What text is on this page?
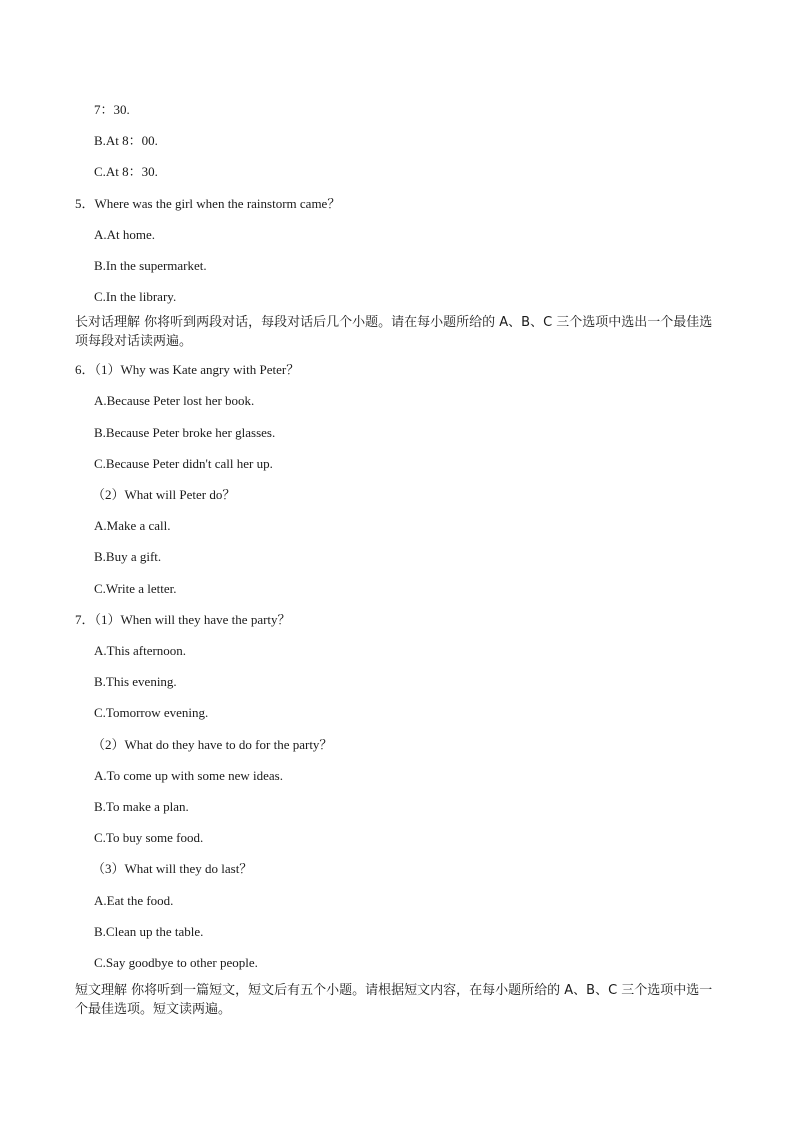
7：30.
B.At 8：00.
C.At 8：30.
5．Where was the girl when the rainstorm came？
A.At home.
B.In the supermarket.
C.In the library.
长对话理解 你将听到两段对话，每段对话后几个小题。请在每小题所给的 A、B、C 三个选项中选出一个最佳选项每段对话读两遍。
6．（1）Why was Kate angry with Peter？
A.Because Peter lost her book.
B.Because Peter broke her glasses.
C.Because Peter didn't call her up.
（2）What will Peter do？
A.Make a call.
B.Buy a gift.
C.Write a letter.
7．（1）When will they have the party？
A.This afternoon.
B.This evening.
C.Tomorrow evening.
（2）What do they have to do for the party？
A.To come up with some new ideas.
B.To make a plan.
C.To buy some food.
（3）What will they do last？
A.Eat the food.
B.Clean up the table.
C.Say goodbye to other people.
短文理解 你将听到一篇短文，短文后有五个小题。请根据短文内容，在每小题所给的 A、B、C 三个选项中选一个最佳选项。短文读两遍。
